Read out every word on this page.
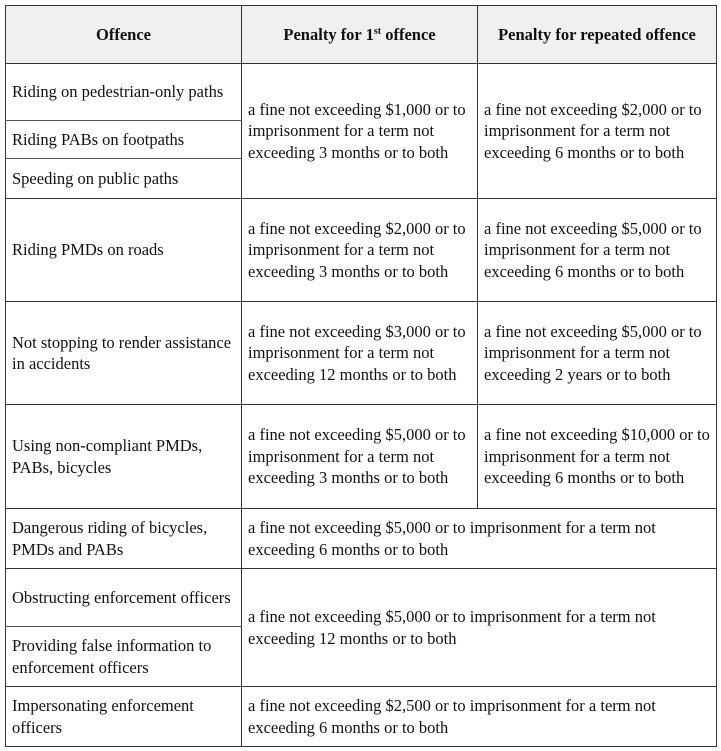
Offence	Penalty for 1st offence	Penalty for repeated offence
Riding on pedestrian-only paths	a fine not exceeding $1,000 or to imprisonment for a term not exceeding 3 months or to both	a fine not exceeding $2,000 or to imprisonment for a term not exceeding 6 months or to both
Riding PABs on footpaths		
Speeding on public paths		
Riding PMDs on roads	a fine not exceeding $2,000 or to imprisonment for a term not exceeding 3 months or to both	a fine not exceeding $5,000 or to imprisonment for a term not exceeding 6 months or to both
Not stopping to render assistance in accidents	a fine not exceeding $3,000 or to imprisonment for a term not exceeding 12 months or to both	a fine not exceeding $5,000 or to imprisonment for a term not exceeding 2 years or to both
Using non-compliant PMDs, PABs, bicycles	a fine not exceeding $5,000 or to imprisonment for a term not exceeding 3 months or to both	a fine not exceeding $10,000 or to imprisonment for a term not exceeding 6 months or to both
Dangerous riding of bicycles, PMDs and PABs	a fine not exceeding $5,000 or to imprisonment for a term not exceeding 6 months or to both	
Obstructing enforcement officers	a fine not exceeding $5,000 or to imprisonment for a term not exceeding 12 months or to both	
Providing false information to enforcement officers		
Impersonating enforcement officers	a fine not exceeding $2,500 or to imprisonment for a term not exceeding 6 months or to both	
